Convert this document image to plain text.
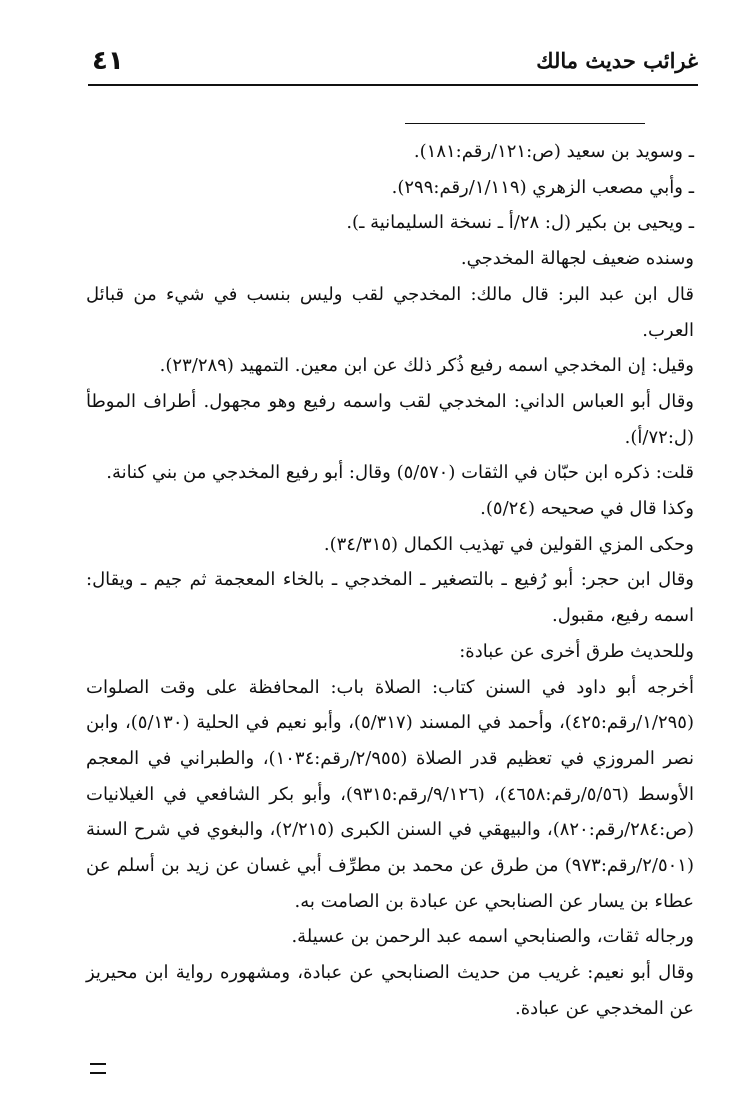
٤١	غرائب حديث مالك

ـ وسويد بن سعيد (ص:١٢١/رقم:١٨١).

ـ وأبي مصعب الزهري (١/١١٩/رقم:٢٩٩).

ـ ويحيى بن بكير (ل: ٢٨/أ ـ نسخة السليمانية ـ).

وسنده ضعيف لجهالة المخدجي.

قال ابن عبد البر: قال مالك: المخدجي لقب وليس بنسب في شيء من قبائل العرب.

وقيل: إن المخدجي اسمه رفيع ذُكر ذلك عن ابن معين. التمهيد (٢٣/٢٨٩).

وقال أبو العباس الداني: المخدجي لقب واسمه رفيع وهو مجهول. أطراف الموطأ (ل:٧٢/أ).

قلت: ذكره ابن حبّان في الثقات (٥/٥٧٠) وقال: أبو رفيع المخدجي من بني كنانة.

وكذا قال في صحيحه (٥/٢٤).

وحكى المزي القولين في تهذيب الكمال (٣٤/٣١٥).

وقال ابن حجر: أبو رُفيع ـ بالتصغير ـ المخدجي ـ بالخاء المعجمة ثم جيم ـ ويقال: اسمه رفيع، مقبول.

وللحديث طرق أخرى عن عبادة:

أخرجه أبو داود في السنن كتاب: الصلاة باب: المحافظة على وقت الصلوات (١/٢٩٥/رقم:٤٢٥)، وأحمد في المسند (٥/٣١٧)، وأبو نعيم في الحلية (٥/١٣٠)، وابن نصر المروزي في تعظيم قدر الصلاة (٢/٩٥٥/رقم:١٠٣٤)، والطبراني في المعجم الأوسط (٥/٥٦/رقم:٤٦٥٨)، (٩/١٢٦/رقم:٩٣١٥)، وأبو بكر الشافعي في الغيلانيات (ص:٢٨٤/رقم:٨٢٠)، والبيهقي في السنن الكبرى (٢/٢١٥)، والبغوي في شرح السنة (٢/٥٠١/رقم:٩٧٣) من طرق عن محمد بن مطرِّف أبي غسان عن زيد بن أسلم عن عطاء بن يسار عن الصنابحي عن عبادة بن الصامت به.

ورجاله ثقات، والصنابحي اسمه عبد الرحمن بن عسيلة.

وقال أبو نعيم: غريب من حديث الصنابحي عن عبادة، ومشهوره رواية ابن محيريز عن المخدجي عن عبادة.
